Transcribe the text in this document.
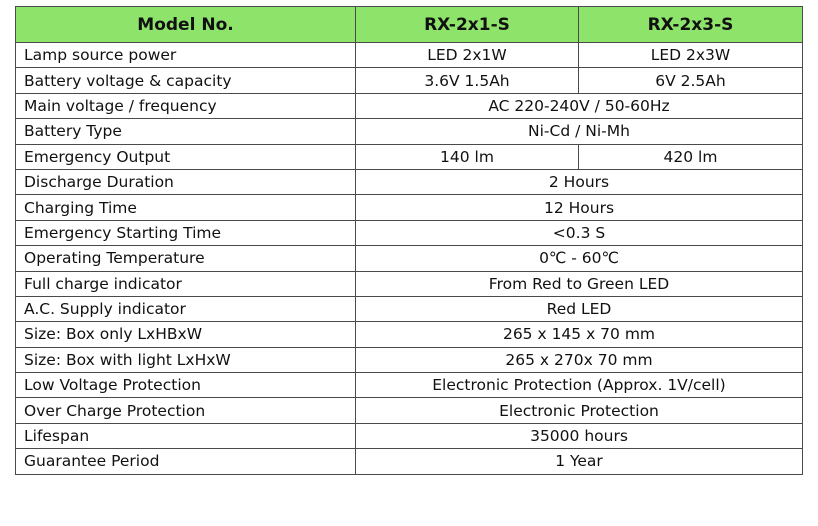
Model No.	RX-2x1-S	RX-2x3-S
Lamp source power	LED 2x1W	LED 2x3W
Battery voltage & capacity	3.6V 1.5Ah	6V 2.5Ah
Main voltage / frequency	AC 220-240V / 50-60Hz	
Battery Type	Ni-Cd / Ni-Mh	
Emergency Output	140 lm	420 lm
Discharge Duration	2 Hours	
Charging Time	12 Hours	
Emergency Starting Time	<0.3 S	
Operating Temperature	0℃ - 60℃	
Full charge indicator	From Red to Green LED	
A.C. Supply indicator	Red LED	
Size: Box only LxHBxW	265 x 145 x 70 mm	
Size: Box with light LxHxW	265 x 270x 70 mm	
Low Voltage Protection	Electronic Protection (Approx. 1V/cell)	
Over Charge Protection	Electronic Protection	
Lifespan	35000 hours	
Guarantee Period	1 Year	
